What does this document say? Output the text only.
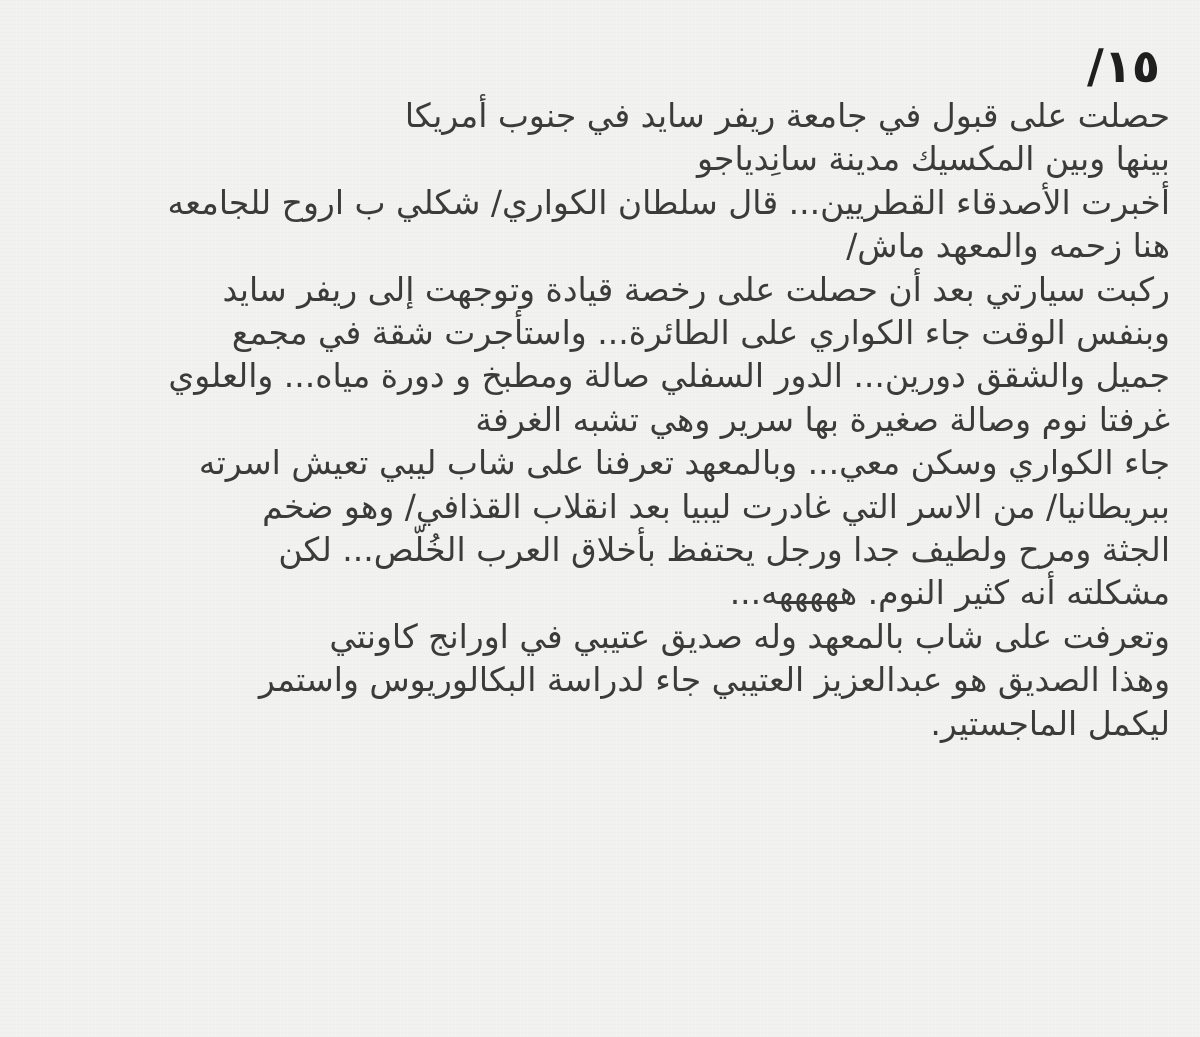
/١٥
حصلت على قبول في جامعة ريفر سايد في جنوب أمريكا
بينها وبين المكسيك مدينة سانِدياجو
أخبرت الأصدقاء القطريين... قال سلطان الكواري/ شكلي ب اروح للجامعه
هنا زحمه والمعهد ماش/
ركبت سيارتي بعد أن حصلت على رخصة قيادة وتوجهت إلى ريفر سايد
وبنفس الوقت جاء الكواري على الطائرة... واستأجرت شقة في مجمع
جميل والشقق دورين... الدور السفلي صالة ومطبخ و دورة مياه... والعلوي
غرفتا نوم وصالة صغيرة بها سرير وهي تشبه الغرفة
جاء الكواري وسكن معي... وبالمعهد تعرفنا على شاب ليبي تعيش اسرته
ببريطانيا/ من الاسر التي غادرت ليبيا بعد انقلاب القذافي/ وهو ضخم
الجثة ومرح ولطيف جدا ورجل يحتفظ بأخلاق العرب الخُلّص... لكن
مشكلته أنه كثير النوم. هههههه...
وتعرفت على شاب بالمعهد وله صديق عتيبي في اورانج كاونتي
وهذا الصديق هو عبدالعزيز العتيبي جاء لدراسة البكالوريوس واستمر
ليكمل الماجستير.
